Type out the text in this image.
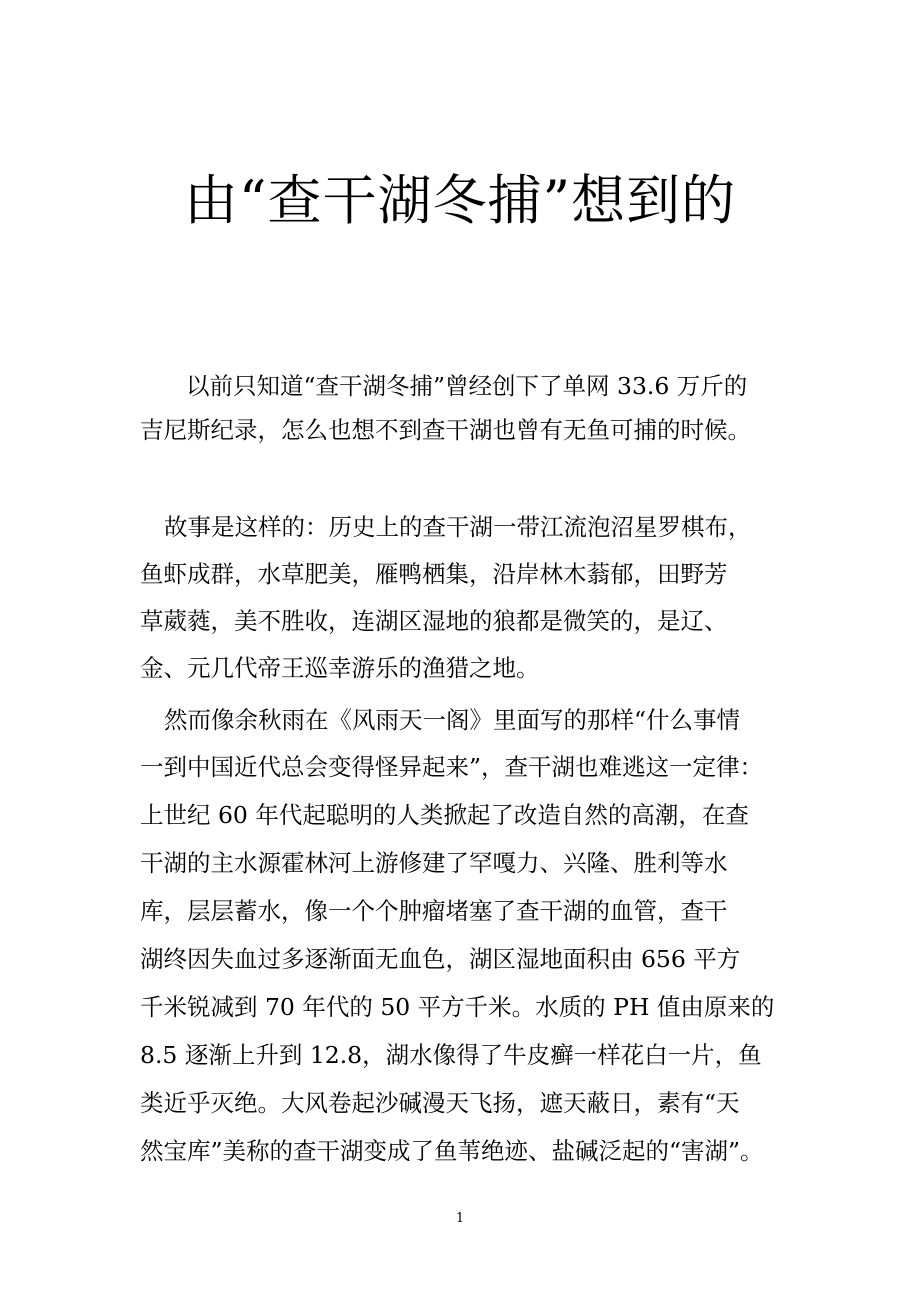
由“查干湖冬捕”想到的
以前只知道“查干湖冬捕”曾经创下了单网 33.6 万斤的
吉尼斯纪录，怎么也想不到查干湖也曾有无鱼可捕的时候。
故事是这样的：历史上的查干湖一带江流泡沼星罗棋布，
鱼虾成群，水草肥美，雁鸭栖集，沿岸林木蓊郁，田野芳
草葳蕤，美不胜收，连湖区湿地的狼都是微笑的，是辽、
金、元几代帝王巡幸游乐的渔猎之地。
然而像余秋雨在《风雨天一阁》里面写的那样“什么事情
一到中国近代总会变得怪异起来”，查干湖也难逃这一定律：
上世纪 60 年代起聪明的人类掀起了改造自然的高潮，在查
干湖的主水源霍林河上游修建了罕嘎力、兴隆、胜利等水
库，层层蓄水，像一个个肿瘤堵塞了查干湖的血管，查干
湖终因失血过多逐渐面无血色，湖区湿地面积由 656 平方
千米锐减到 70 年代的 50 平方千米。水质的 PH 值由原来的
8.5 逐渐上升到 12.8，湖水像得了牛皮癣一样花白一片，鱼
类近乎灭绝。大风卷起沙碱漫天飞扬，遮天蔽日，素有“天
然宝库”美称的查干湖变成了鱼苇绝迹、盐碱泛起的“害湖”。
1
